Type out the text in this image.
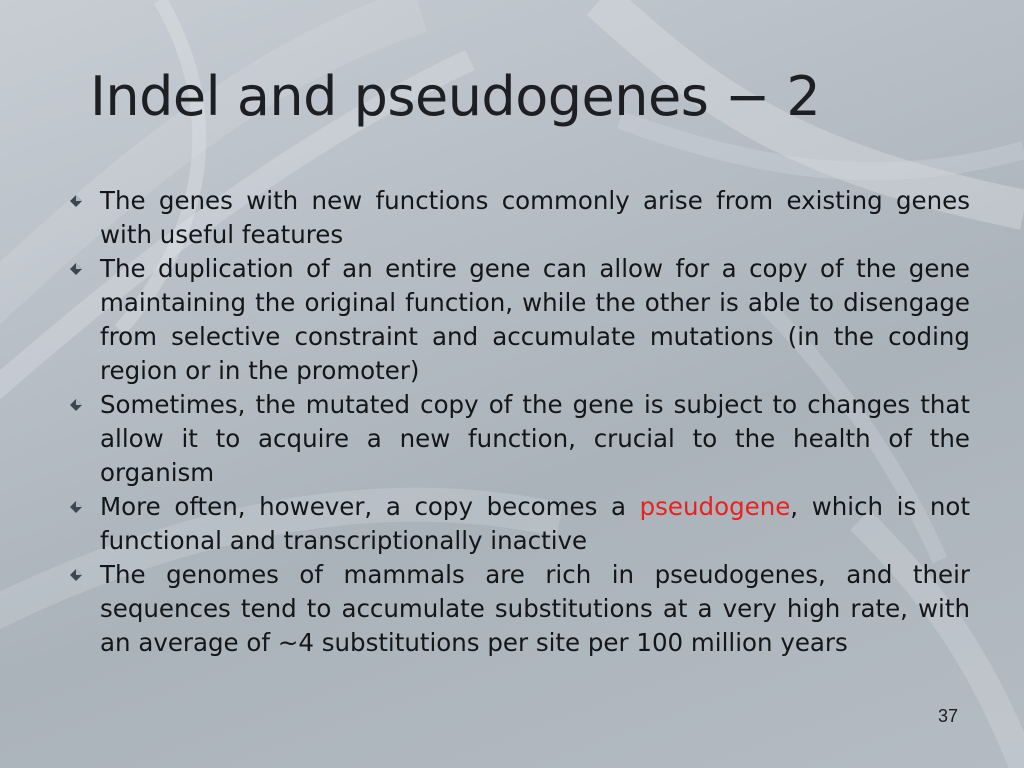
Indel and pseudogenes − 2
The genes with new functions commonly arise from existing genes with useful features
The duplication of an entire gene can allow for a copy of the gene maintaining the original function, while the other is able to disengage from selective constraint and accumulate mutations (in the coding region or in the promoter)
Sometimes, the mutated copy of the gene is subject to changes that allow it to acquire a new function, crucial to the health of the organism
More often, however, a copy becomes a pseudogene, which is not functional and transcriptionally inactive
The genomes of mammals are rich in pseudogenes, and their sequences tend to accumulate substitutions at a very high rate, with an average of ∼4 substitutions per site per 100 million years
37
